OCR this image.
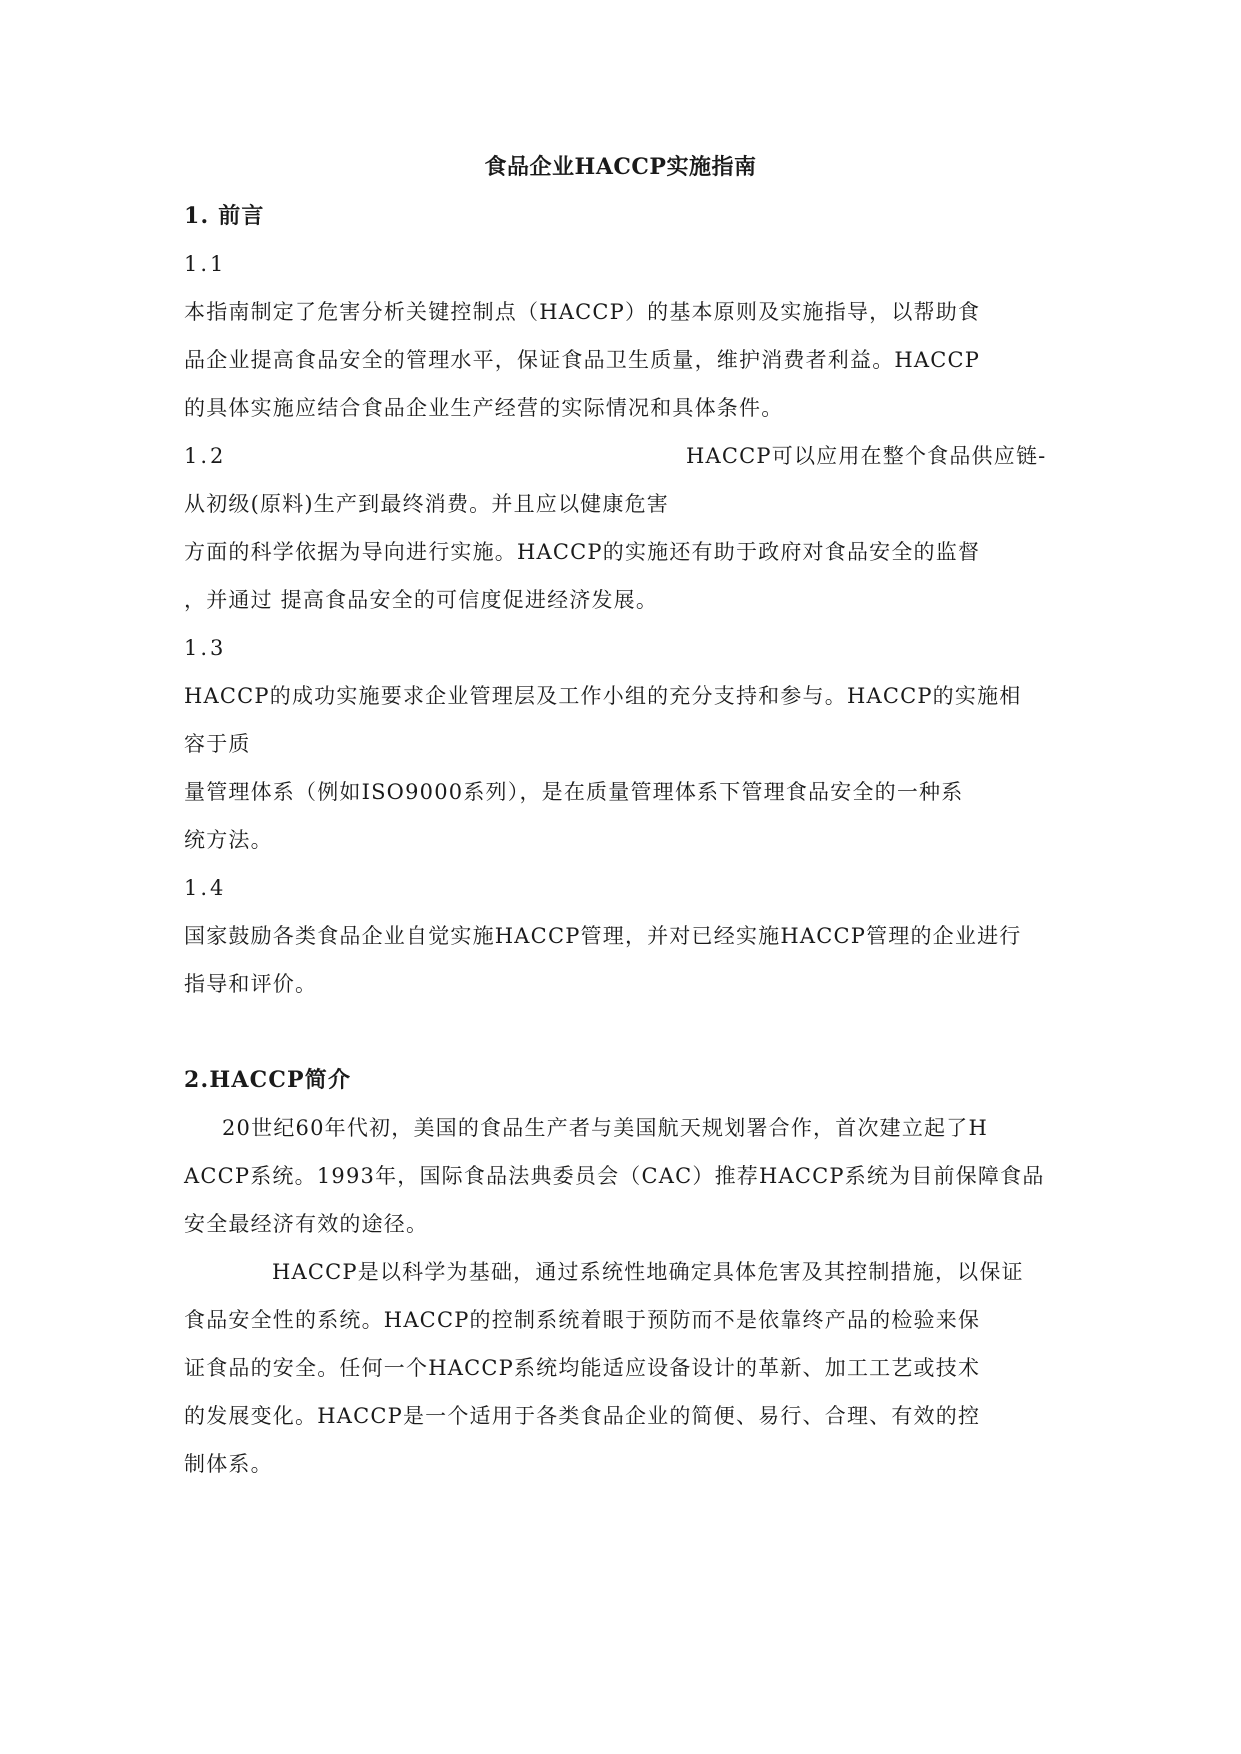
食品企业HACCP实施指南
1. 前言
1.1
本指南制定了危害分析关键控制点（HACCP）的基本原则及实施指导，以帮助食
品企业提高食品安全的管理水平，保证食品卫生质量，维护消费者利益。HACCP
的具体实施应结合食品企业生产经营的实际情况和具体条件。
1.2	HACCP可以应用在整个食品供应链-
从初级(原料)生产到最终消费。并且应以健康危害
方面的科学依据为导向进行实施。HACCP的实施还有助于政府对食品安全的监督
，并通过 提高食品安全的可信度促进经济发展。
1.3
HACCP的成功实施要求企业管理层及工作小组的充分支持和参与。HACCP的实施相
容于质
量管理体系（例如ISO9000系列），是在质量管理体系下管理食品安全的一种系
统方法。
1.4
国家鼓励各类食品企业自觉实施HACCP管理，并对已经实施HACCP管理的企业进行
指导和评价。
2.HACCP简介
20世纪60年代初，美国的食品生产者与美国航天规划署合作，首次建立起了H
ACCP系统。1993年，国际食品法典委员会（CAC）推荐HACCP系统为目前保障食品
安全最经济有效的途径。
HACCP是以科学为基础，通过系统性地确定具体危害及其控制措施，以保证
食品安全性的系统。HACCP的控制系统着眼于预防而不是依靠终产品的检验来保
证食品的安全。任何一个HACCP系统均能适应设备设计的革新、加工工艺或技术
的发展变化。HACCP是一个适用于各类食品企业的简便、易行、合理、有效的控
制体系。
